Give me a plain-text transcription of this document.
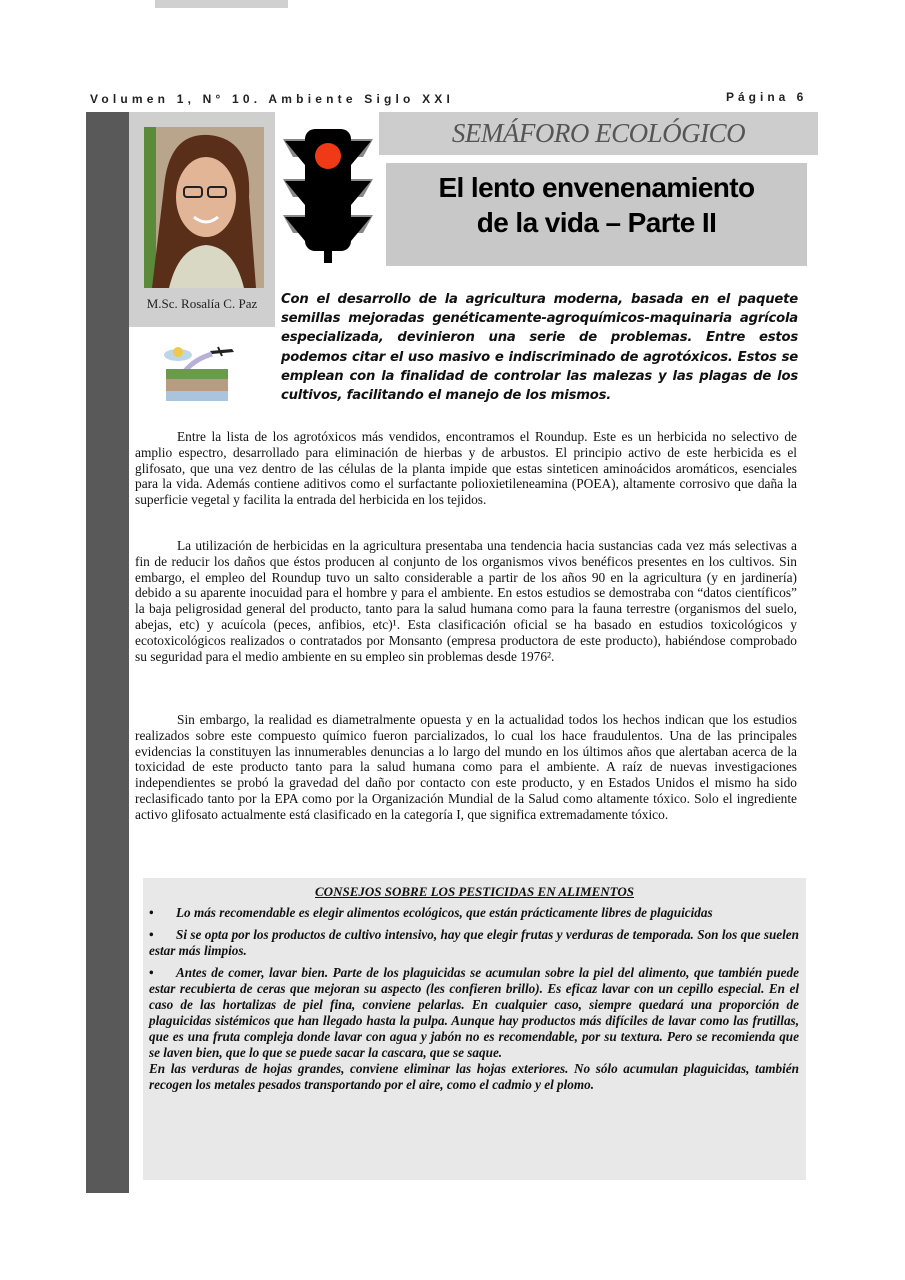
Volumen 1, N° 10. Ambiente Siglo XXI	Página 6
M.Sc. Rosalía C. Paz
SEMÁFORO ECOLÓGICO
El lento envenenamiento
de la vida – Parte II
Con el desarrollo de la agricultura moderna, basada en el paquete semillas mejoradas genéticamente-agroquímicos-maquinaria agrícola especializada, devinieron una serie de problemas. Entre estos podemos citar el uso masivo e indiscriminado de agrotóxicos. Estos se emplean con la finalidad de controlar las malezas y las plagas de los cultivos, facilitando el manejo de los mismos.

Entre la lista de los agrotóxicos más vendidos, encontramos el Roundup. Este es un herbicida no selectivo de amplio espectro, desarrollado para eliminación de hierbas y de arbustos. El principio activo de este herbicida es el glifosato, que una vez dentro de las células de la planta impide que estas sinteticen aminoácidos aromáticos, esenciales para la vida. Además contiene aditivos como el surfactante polioxietileneamina (POEA), altamente corrosivo que daña la superficie vegetal y facilita la entrada del herbicida en los tejidos.

La utilización de herbicidas en la agricultura presentaba una tendencia hacia sustancias cada vez más selectivas a fin de reducir los daños que éstos producen al conjunto de los organismos vivos benéficos presentes en los cultivos. Sin embargo, el empleo del Roundup tuvo un salto considerable a partir de los años 90 en la agricultura (y en jardinería) debido a su aparente inocuidad para el hombre y para el ambiente. En estos estudios se demostraba con “datos científicos” la baja peligrosidad general del producto, tanto para la salud humana como para la fauna terrestre (organismos del suelo, abejas, etc) y acuícola (peces, anfibios, etc)¹. Esta clasificación oficial se ha basado en estudios toxicológicos y ecotoxicológicos realizados o contratados por Monsanto (empresa productora de este producto), habiéndose comprobado su seguridad para el medio ambiente en su empleo sin problemas desde 1976².

Sin embargo, la realidad es diametralmente opuesta y en la actualidad todos los hechos indican que los estudios realizados sobre este compuesto químico fueron parcializados, lo cual los hace fraudulentos. Una de las principales evidencias la constituyen las innumerables denuncias a lo largo del mundo en los últimos años que alertaban acerca de la toxicidad de este producto tanto para la salud humana como para el ambiente. A raíz de nuevas investigaciones independientes se probó la gravedad del daño por contacto con este producto, y en Estados Unidos el mismo ha sido reclasificado tanto por la EPA como por la Organización Mundial de la Salud como altamente tóxico. Solo el ingrediente activo glifosato actualmente está clasificado en la categoría I, que significa extremadamente tóxico.

CONSEJOS SOBRE LOS PESTICIDAS EN ALIMENTOS
• Lo más recomendable es elegir alimentos ecológicos, que están prácticamente libres de plaguicidas
• Si se opta por los productos de cultivo intensivo, hay que elegir frutas y verduras de temporada. Son los que suelen estar más limpios.
• Antes de comer, lavar bien. Parte de los plaguicidas se acumulan sobre la piel del alimento, que también puede estar recubierta de ceras que mejoran su aspecto (les confieren brillo). Es eficaz lavar con un cepillo especial. En el caso de las hortalizas de piel fina, conviene pelarlas. En cualquier caso, siempre quedará una proporción de plaguicidas sistémicos que han llegado hasta la pulpa. Aunque hay productos más difíciles de lavar como las frutillas, que es una fruta compleja donde lavar con agua y jabón no es recomendable, por su textura. Pero se recomienda que se laven bien, que lo que se puede sacar la cascara, que se saque.
En las verduras de hojas grandes, conviene eliminar las hojas exteriores. No sólo acumulan plaguicidas, también recogen los metales pesados transportando por el aire, como el cadmio y el plomo.
